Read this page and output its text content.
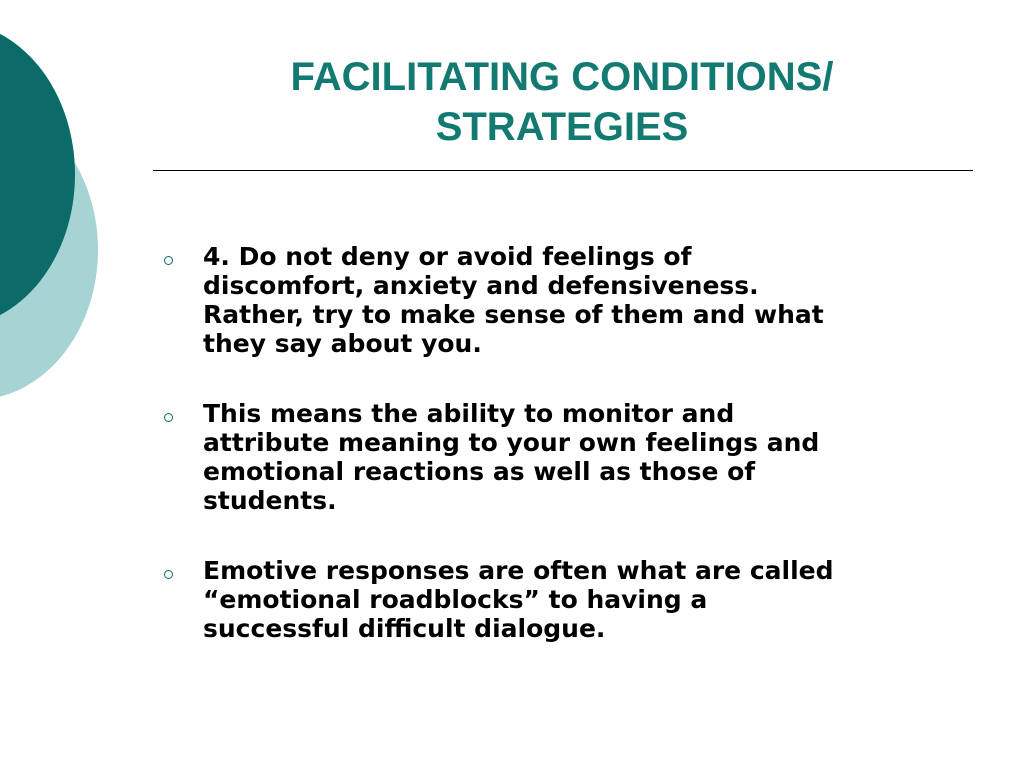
FACILITATING CONDITIONS/
STRATEGIES
4. Do not deny or avoid feelings of
discomfort, anxiety and defensiveness.
Rather, try to make sense of them and what
they say about you.
This means the ability to monitor and
attribute meaning to your own feelings and
emotional reactions as well as those of
students.
Emotive responses are often what are called
“emotional roadblocks” to having a
successful difficult dialogue.
